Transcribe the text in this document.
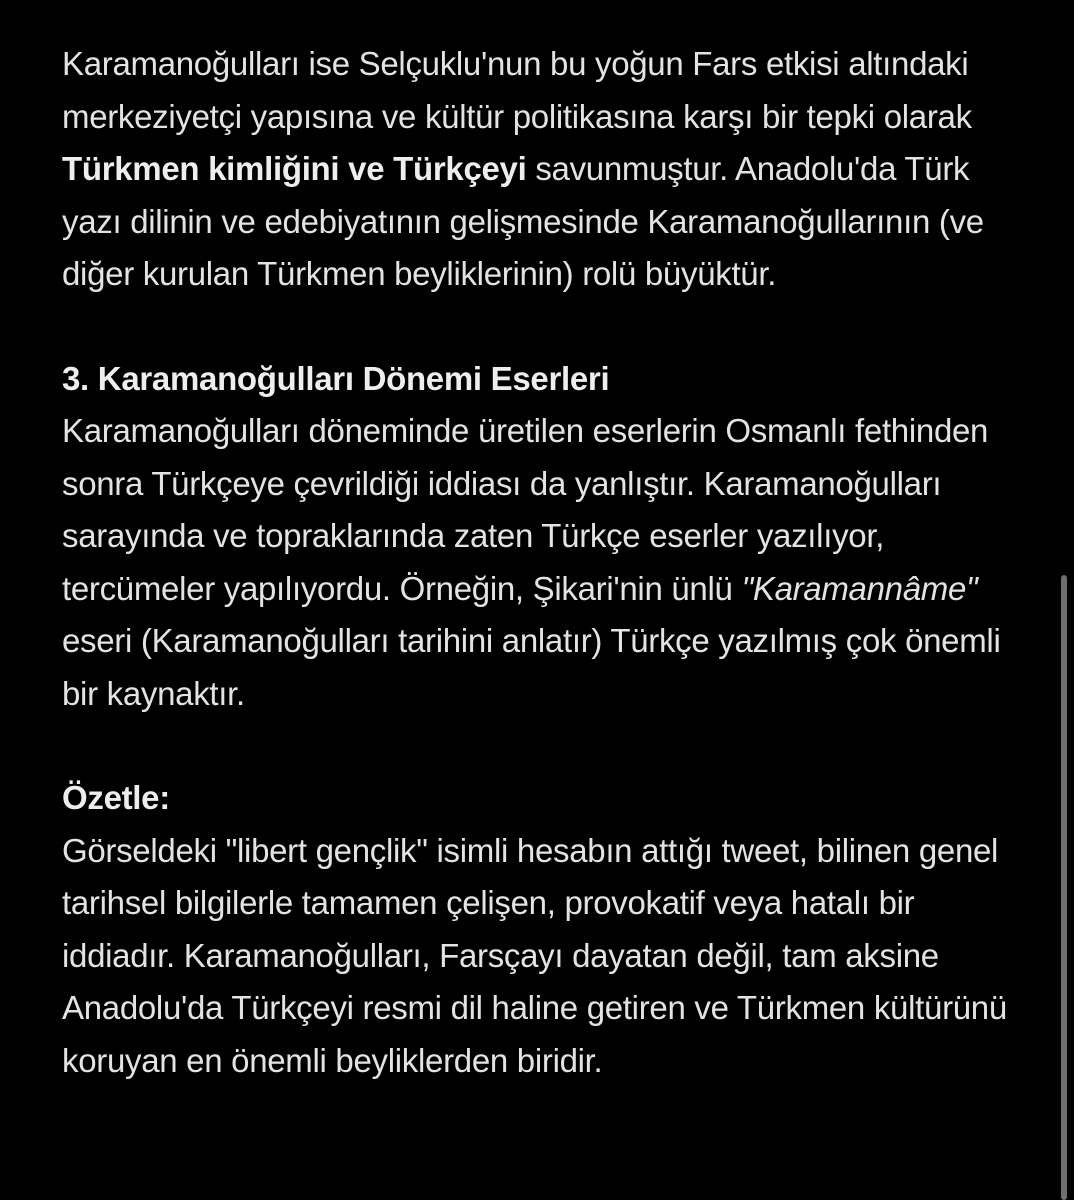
Karamanoğulları ise Selçuklu'nun bu yoğun Fars etkisi altındaki merkeziyetçi yapısına ve kültür politikasına karşı bir tepki olarak Türkmen kimliğini ve Türkçeyi savunmuştur. Anadolu'da Türk yazı dilinin ve edebiyatının gelişmesinde Karamanoğullarının (ve diğer kurulan Türkmen beyliklerinin) rolü büyüktür.

3. Karamanoğulları Dönemi Eserleri
Karamanoğulları döneminde üretilen eserlerin Osmanlı fethinden sonra Türkçeye çevrildiği iddiası da yanlıştır. Karamanoğulları sarayında ve topraklarında zaten Türkçe eserler yazılıyor, tercümeler yapılıyordu. Örneğin, Şikari'nin ünlü "Karamannâme" eseri (Karamanoğulları tarihini anlatır) Türkçe yazılmış çok önemli bir kaynaktır.

Özetle:
Görseldeki "libert gençlik" isimli hesabın attığı tweet, bilinen genel tarihsel bilgilerle tamamen çelişen, provokatif veya hatalı bir iddiadır. Karamanoğulları, Farsçayı dayatan değil, tam aksine Anadolu'da Türkçeyi resmi dil haline getiren ve Türkmen kültürünü koruyan en önemli beyliklerden biridir.
